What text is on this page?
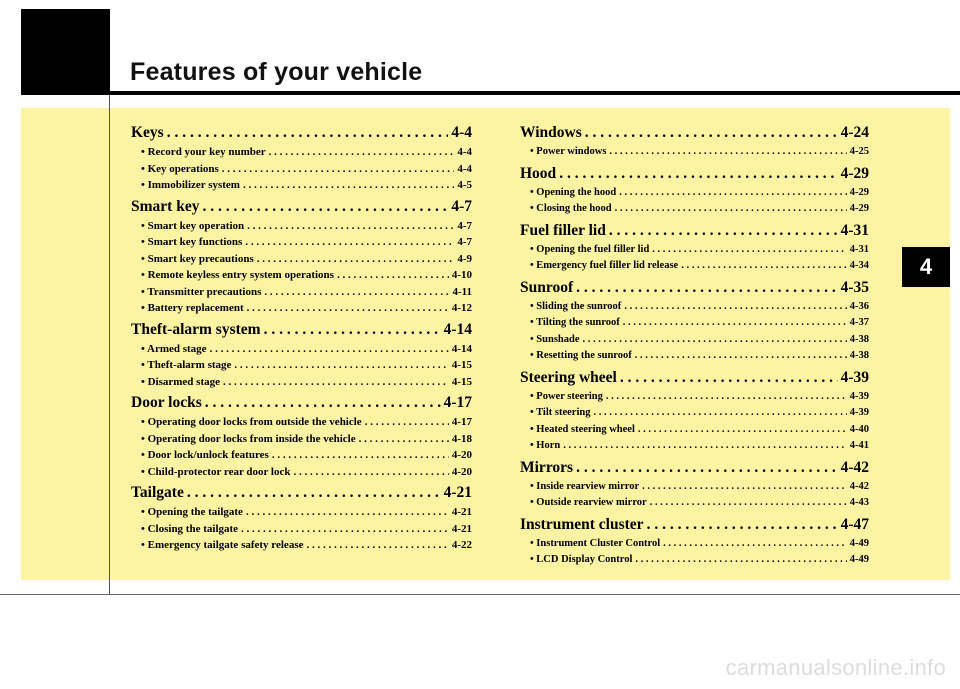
Features of your vehicle
4
carmanualsonline.info
Keys . . .	4-4
• Record your key number . . .	4-4
• Key operations . . .	4-4
• Immobilizer system . . .	4-5
Smart key . . .	4-7
• Smart key operation . . .	4-7
• Smart key functions . . .	4-7
• Smart key precautions . . .	4-9
• Remote keyless entry system operations . . .	4-10
• Transmitter precautions . . .	4-11
• Battery replacement . . .	4-12
Theft-alarm system . . .	4-14
• Armed stage . . .	4-14
• Theft-alarm stage . . .	4-15
• Disarmed stage . . .	4-15
Door locks . . .	4-17
• Operating door locks from outside the vehicle . . .	4-17
• Operating door locks from inside the vehicle . . .	4-18
• Door lock/unlock features . . .	4-20
• Child-protector rear door lock . . .	4-20
Tailgate . . .	4-21
• Opening the tailgate . . .	4-21
• Closing the tailgate . . .	4-21
• Emergency tailgate safety release . . .	4-22
Windows . . .	4-24
• Power windows . . .	4-25
Hood . . .	4-29
• Opening the hood . . .	4-29
• Closing the hood . . .	4-29
Fuel filler lid . . .	4-31
• Opening the fuel filler lid . . .	4-31
• Emergency fuel filler lid release . . .	4-34
Sunroof . . .	4-35
• Sliding the sunroof . . .	4-36
• Tilting the sunroof . . .	4-37
• Sunshade . . .	4-38
• Resetting the sunroof . . .	4-38
Steering wheel . . .	4-39
• Power steering . . .	4-39
• Tilt steering . . .	4-39
• Heated steering wheel . . .	4-40
• Horn . . .	4-41
Mirrors . . .	4-42
• Inside rearview mirror . . .	4-42
• Outside rearview mirror . . .	4-43
Instrument cluster . . .	4-47
• Instrument Cluster Control . . .	4-49
• LCD Display Control . . .	4-49
